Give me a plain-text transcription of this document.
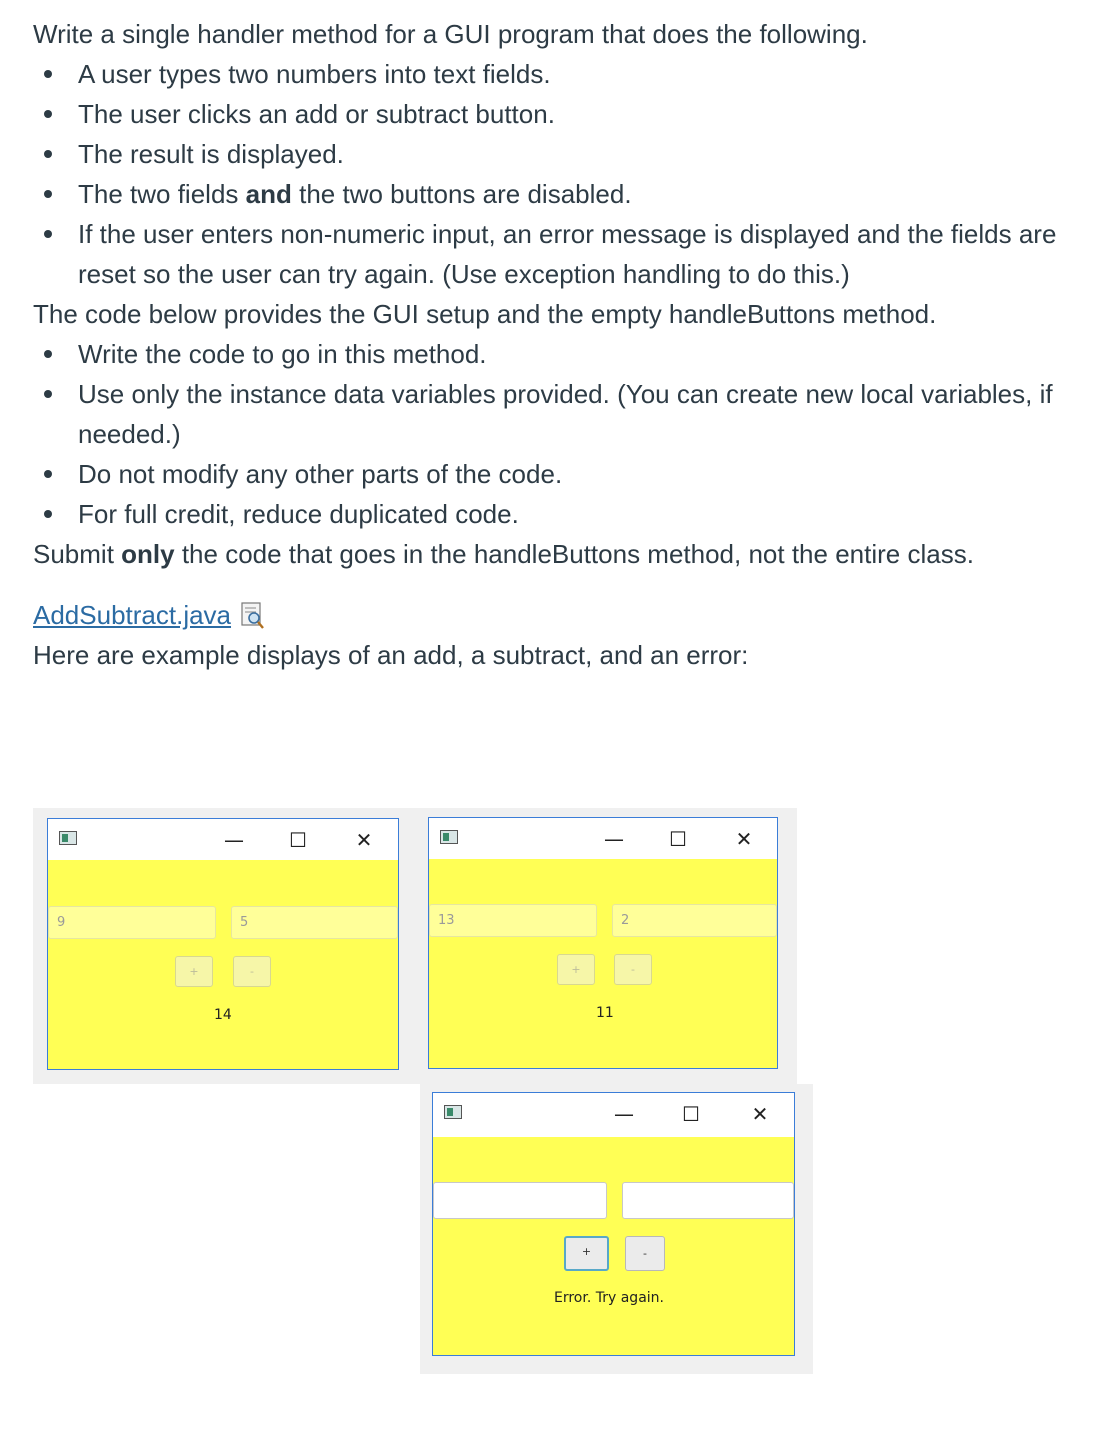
Write a single handler method for a GUI program that does the following.

A user types two numbers into text fields.
The user clicks an add or subtract button.
The result is displayed.
The two fields and the two buttons are disabled.
If the user enters non-numeric input, an error message is displayed and the fields are reset so the user can try again. (Use exception handling to do this.)

The code below provides the GUI setup and the empty handleButtons method.

Write the code to go in this method.
Use only the instance data variables provided. (You can create new local variables, if needed.)
Do not modify any other parts of the code.
For full credit, reduce duplicated code.

Submit only the code that goes in the handleButtons method, not the entire class.

AddSubtract.java

Here are example displays of an add, a subtract, and an error:

—	☐	✕
9	5
+	-
14
—	☐	✕
13	2
+	-
11
—	☐	✕
+	-
Error. Try again.
